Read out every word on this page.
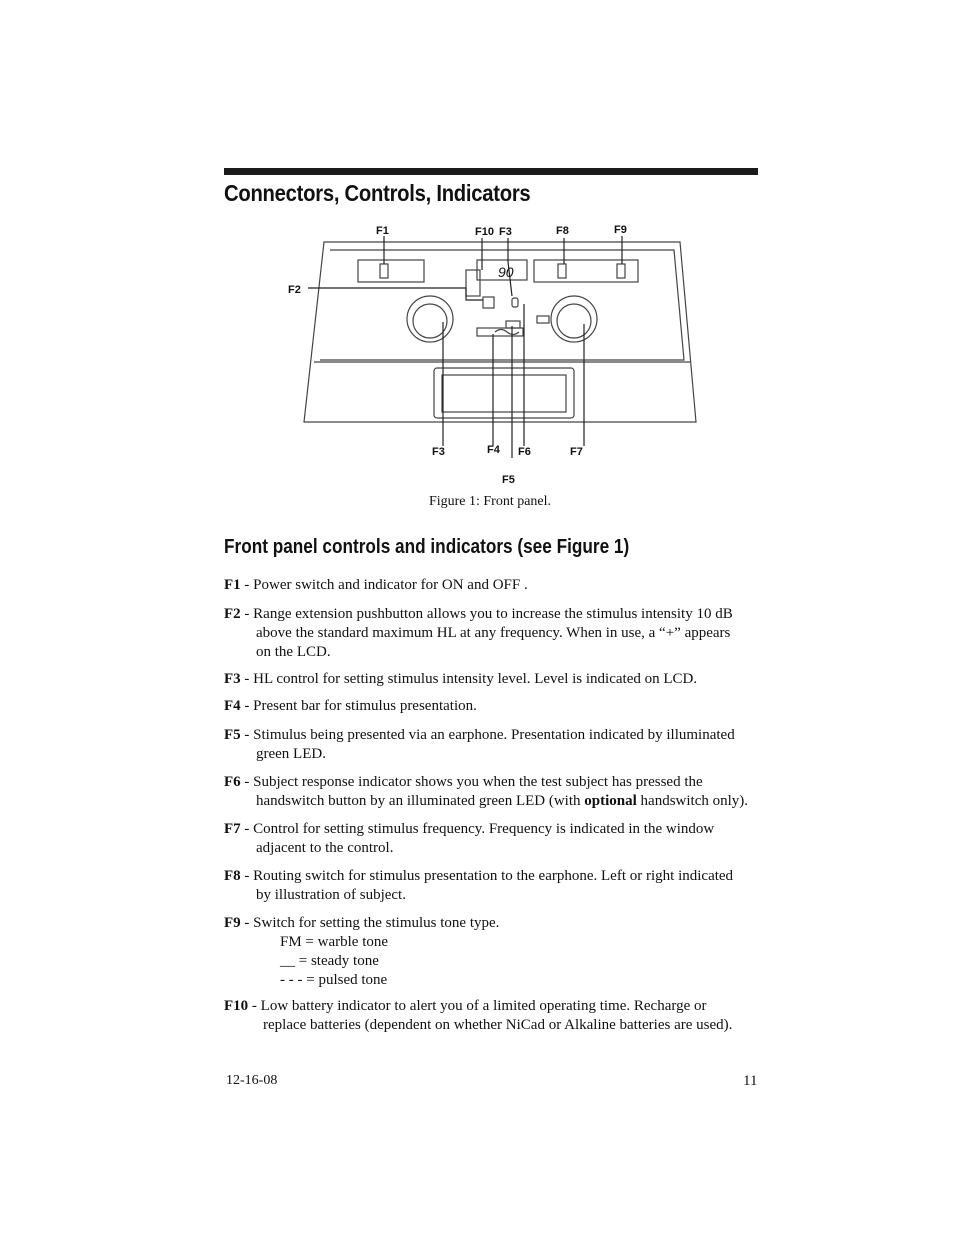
Connectors, Controls, Indicators
F1	F10 F3	F8	F9
F2
F3	F4
F5
F6	F7
90
Figure 1: Front panel.
Front panel controls and indicators (see Figure 1)
F1 - Power switch and indicator for ON and OFF .
F2 - Range extension pushbutton allows you to increase the stimulus intensity 10 dB
above the standard maximum HL at any frequency. When in use, a “+” appears
on the LCD.
F3 - HL control for setting stimulus intensity level. Level is indicated on LCD.
F4 - Present bar for stimulus presentation.
F5 - Stimulus being presented via an earphone. Presentation indicated by illuminated
green LED.
F6 - Subject response indicator shows you when the test subject has pressed the
handswitch button by an illuminated green LED (with optional handswitch only).
F7 - Control for setting stimulus frequency. Frequency is indicated in the window
adjacent to the control.
F8 - Routing switch for stimulus presentation to the earphone. Left or right indicated
by illustration of subject.
F9 - Switch for setting the stimulus tone type.
FM = warble tone
__ = steady tone
- - - = pulsed tone
F10 - Low battery indicator to alert you of a limited operating time. Recharge or
replace batteries (dependent on whether NiCad or Alkaline batteries are used).
12-16-08	11
